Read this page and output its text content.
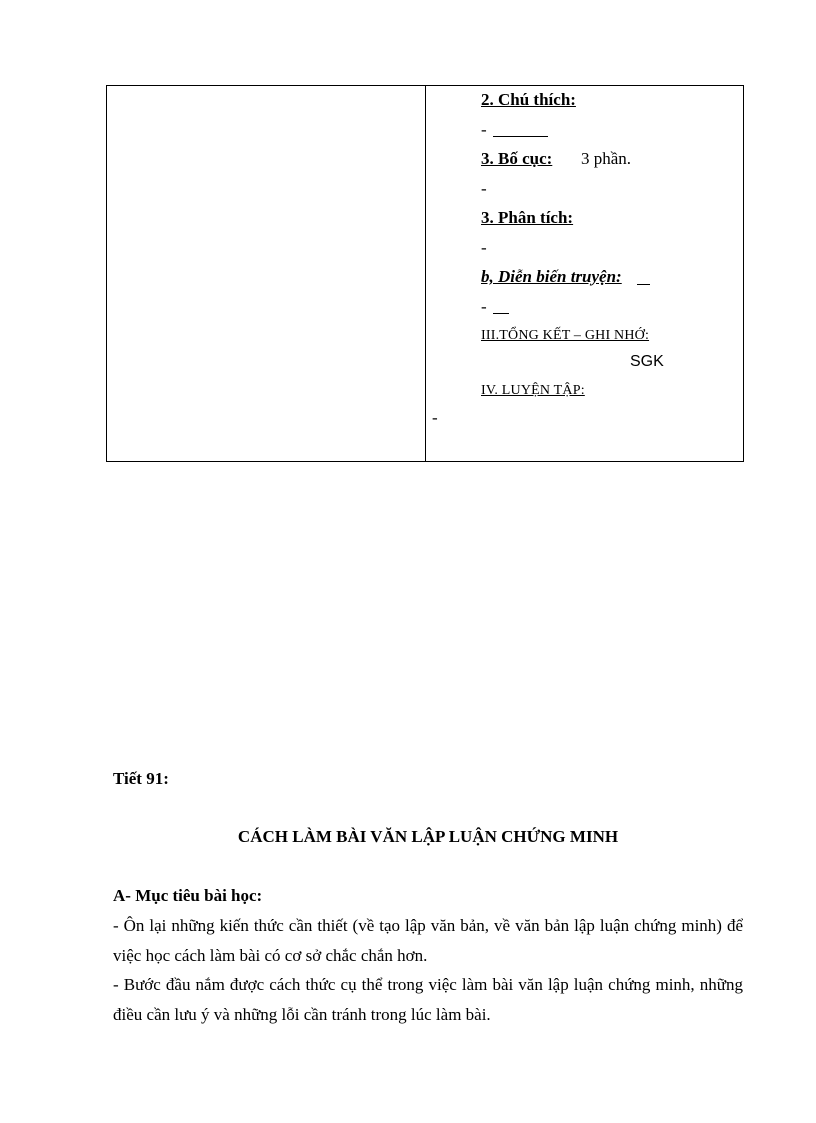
2. Chú thích:
-
3. Bố cục: 3 phần.
-
3. Phân tích:
-
b, Diễn biến truyện:
-
III.TỔNG KẾT – GHI NHỚ:
SGK
IV. LUYỆN TẬP:
-
Tiết 91:
CÁCH LÀM BÀI VĂN LẬP LUẬN CHỨNG MINH
A- Mục tiêu bài học:
- Ôn lại những kiến thức cần thiết (về tạo lập văn bản, về văn bản lập luận chứng minh) để việc học cách làm bài có cơ sở chắc chắn hơn.
- Bước đầu nắm được cách thức cụ thể trong việc làm bài văn lập luận chứng minh, những điều cần lưu ý và những lỗi cần tránh trong lúc làm bài.
